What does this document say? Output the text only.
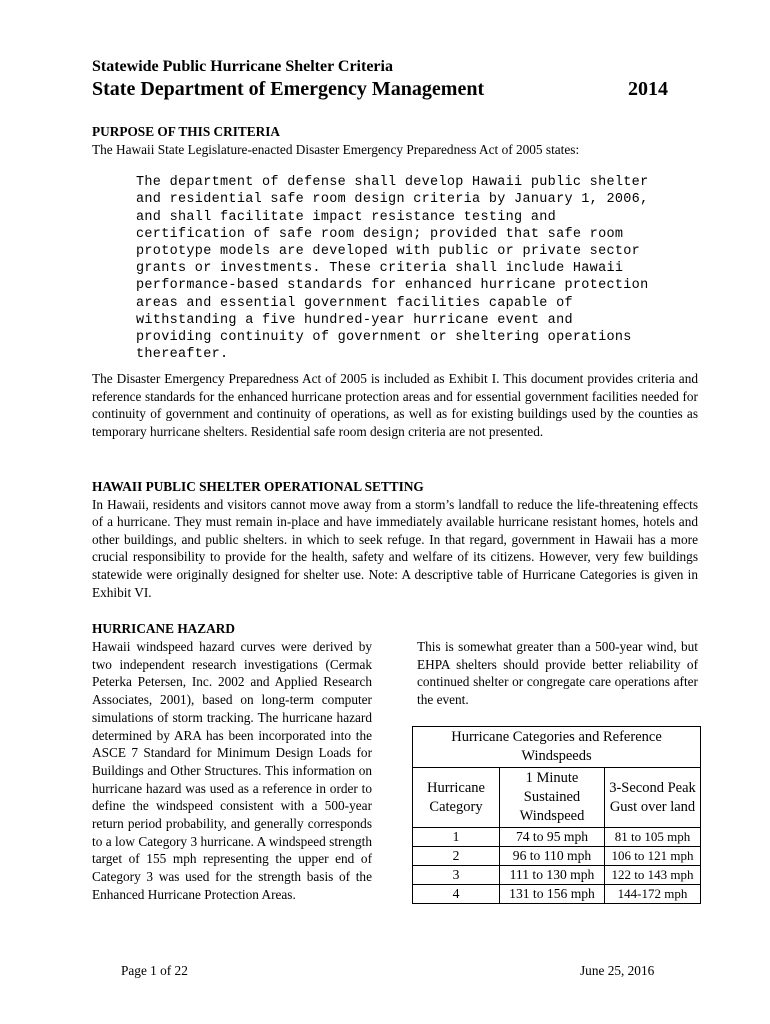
Statewide Public Hurricane Shelter Criteria
State Department of Emergency Management	2014
PURPOSE OF THIS CRITERIA
The Hawaii State Legislature-enacted Disaster Emergency Preparedness Act of 2005 states:

The department of defense shall develop Hawaii public shelter
and residential safe room design criteria by January 1, 2006,
and shall facilitate impact resistance testing and
certification of safe room design; provided that safe room
prototype models are developed with public or private sector
grants or investments. These criteria shall include Hawaii
performance-based standards for enhanced hurricane protection
areas and essential government facilities capable of
withstanding a five hundred-year hurricane event and
providing continuity of government or sheltering operations
thereafter.

The Disaster Emergency Preparedness Act of 2005 is included as Exhibit I. This document provides criteria and reference standards for the enhanced hurricane protection areas and for essential government facilities needed for continuity of government and continuity of operations, as well as for existing buildings used by the counties as temporary hurricane shelters. Residential safe room design criteria are not presented.
HAWAII PUBLIC SHELTER OPERATIONAL SETTING
In Hawaii, residents and visitors cannot move away from a storm’s landfall to reduce the life-threatening effects of a hurricane. They must remain in-place and have immediately available hurricane resistant homes, hotels and other buildings, and public shelters. in which to seek refuge. In that regard, government in Hawaii has a more crucial responsibility to provide for the health, safety and welfare of its citizens. However, very few buildings statewide were originally designed for shelter use. Note: A descriptive table of Hurricane Categories is given in Exhibit VI.
HURRICANE HAZARD
Hawaii windspeed hazard curves were derived by two independent research investigations (Cermak Peterka Petersen, Inc. 2002 and Applied Research Associates, 2001), based on long-term computer simulations of storm tracking. The hurricane hazard determined by ARA has been incorporated into the ASCE 7 Standard for Minimum Design Loads for Buildings and Other Structures. This information on hurricane hazard was used as a reference in order to define the windspeed consistent with a 500-year return period probability, and generally corresponds to a low Category 3 hurricane. A windspeed strength target of 155 mph representing the upper end of Category 3 was used for the strength basis of the Enhanced Hurricane Protection Areas.
This is somewhat greater than a 500-year wind, but EHPA shelters should provide better reliability of continued shelter or congregate care operations after the event.
Hurricane Categories and Reference Windspeeds		
Hurricane Category	1 Minute Sustained Windspeed	3-Second Peak Gust over land
1	74 to 95 mph	81 to 105 mph
2	96 to 110 mph	106 to 121 mph
3	111 to 130 mph	122 to 143 mph
4	131 to 156 mph	144-172 mph
Page 1 of 22	June 25, 2016
